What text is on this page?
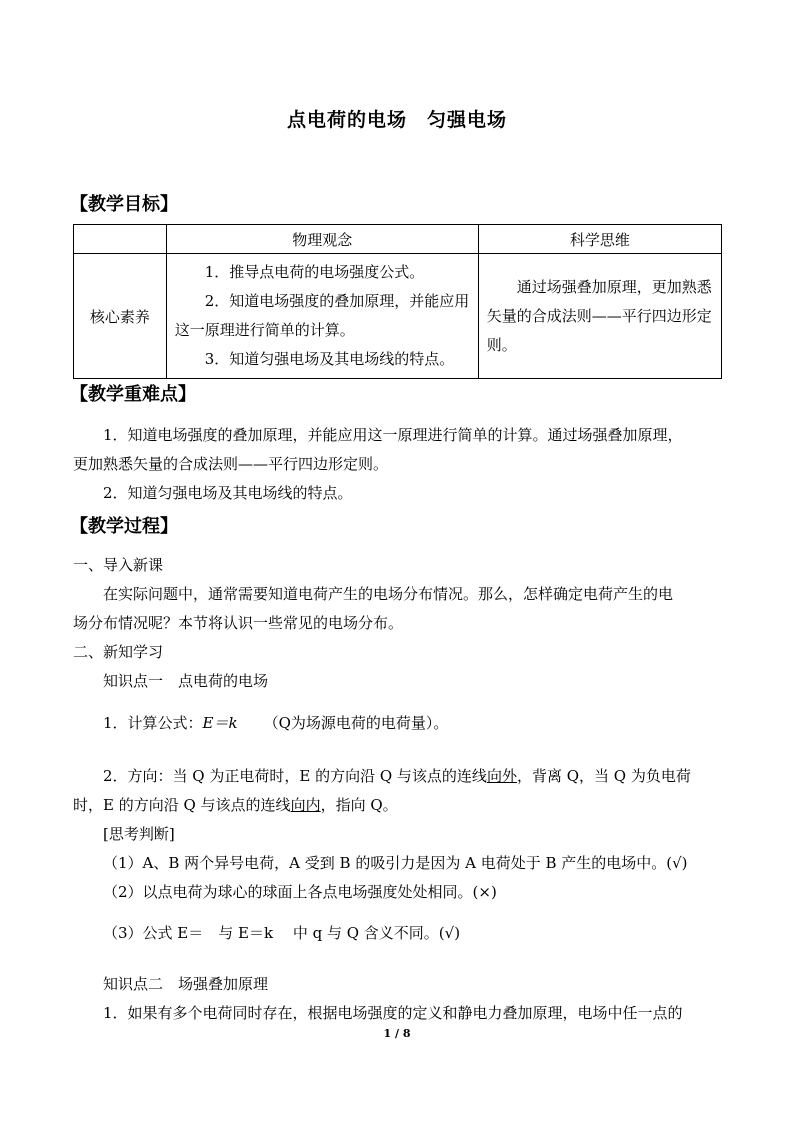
点电荷的电场　匀强电场
【教学目标】
	物理观念	科学思维
核心素养	1．推导点电荷的电场强度公式。
2．知道电场强度的叠加原理，并能应用这一原理进行简单的计算。
3．知道匀强电场及其电场线的特点。	通过场强叠加原理，更加熟悉矢量的合成法则——平行四边形定则。
【教学重难点】
1．知道电场强度的叠加原理，并能应用这一原理进行简单的计算。通过场强叠加原理，
更加熟悉矢量的合成法则——平行四边形定则。
2．知道匀强电场及其电场线的特点。
【教学过程】
一、导入新课
在实际问题中，通常需要知道电荷产生的电场分布情况。那么，怎样确定电荷产生的电
场分布情况呢？本节将认识一些常见的电场分布。
二、新知学习
知识点一　点电荷的电场
1．计算公式：E＝k （Q为场源电荷的电荷量）。
2．方向：当 Q 为正电荷时，E 的方向沿 Q 与该点的连线向外，背离 Q，当 Q 为负电荷
时，E 的方向沿 Q 与该点的连线向内，指向 Q。
[思考判断]
（1）A、B 两个异号电荷，A 受到 B 的吸引力是因为 A 电荷处于 B 产生的电场中。(√)
（2）以点电荷为球心的球面上各点电场强度处处相同。(×)
（3）公式 E＝　与 E＝k　 中 q 与 Q 含义不同。(√)
知识点二　场强叠加原理
1．如果有多个电荷同时存在，根据电场强度的定义和静电力叠加原理，电场中任一点的
1 / 8
